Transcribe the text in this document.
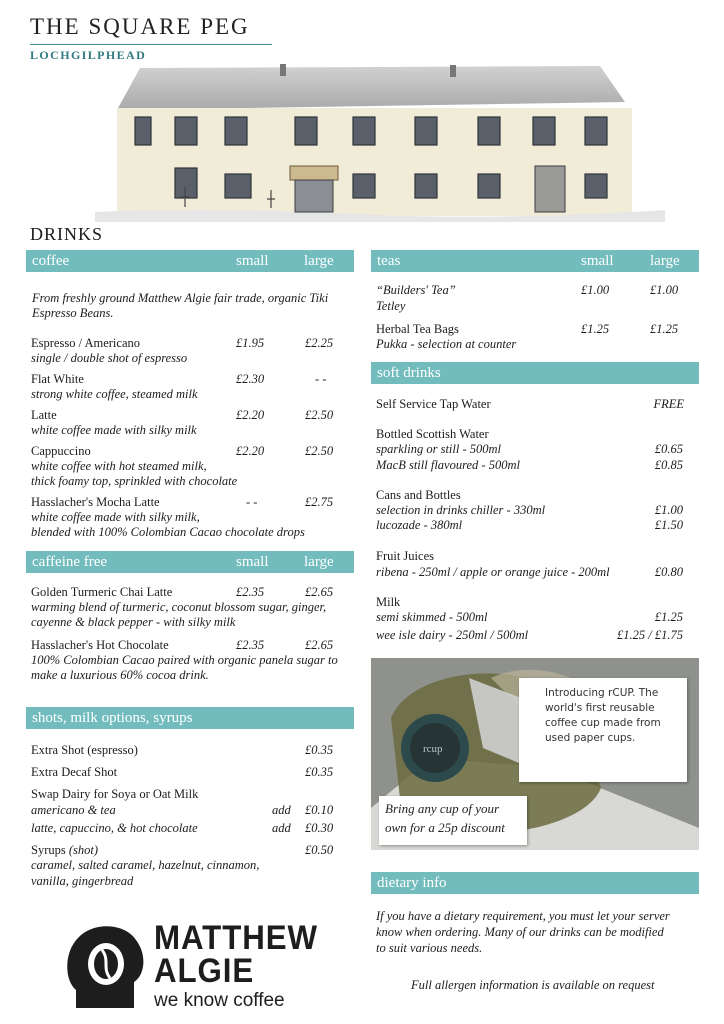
THE SQUARE PEG
LOCHGILPHEAD
DRINKS
coffee	small large
From freshly ground Matthew Algie fair trade, organic Tiki
Espresso Beans.
Espresso / Americano
single / double shot of espresso
£1.95	£2.25
Flat White
strong white coffee, steamed milk
£2.30	- -
Latte
white coffee made with silky milk
£2.20	£2.50
Cappuccino
white coffee with hot steamed milk,
thick foamy top, sprinkled with chocolate
£2.20	£2.50
Hasslacher's Mocha Latte
white coffee made with silky milk,
blended with 100% Colombian Cacao chocolate drops
- -	£2.75
caffeine free	small large
Golden Turmeric Chai Latte
warming blend of turmeric, coconut blossom sugar, ginger,
cayenne & black pepper - with silky milk
£2.35	£2.65
Hasslacher's Hot Chocolate
100% Colombian Cacao paired with organic panela sugar to
make a luxurious 60% cocoa drink.
£2.35	£2.65
shots, milk options, syrups
Extra Shot (espresso)	£0.35
Extra Decaf Shot	£0.35
Swap Dairy for Soya or Oat Milk
americano & tea	add £0.10
latte, capuccino, & hot chocolate	add £0.30
Syrups (shot)	£0.50
caramel, salted caramel, hazelnut, cinnamon,
vanilla, gingerbread
MATTHEW
ALGIE
we know coffee
teas	small large
“Builders' Tea”
Tetley
£1.00	£1.00
Herbal Tea Bags
Pukka - selection at counter
£1.25	£1.25
soft drinks
Self Service Tap Water	FREE
Bottled Scottish Water
sparkling or still - 500ml	£0.65
MacB still flavoured - 500ml	£0.85
Cans and Bottles
selection in drinks chiller - 330ml	£1.00
lucozade - 380ml	£1.50
Fruit Juices
ribena - 250ml / apple or orange juice - 200ml	£0.80
Milk
semi skimmed - 500ml	£1.25
wee isle dairy - 250ml / 500ml	£1.25 / £1.75
rcup
Introducing rCUP. The
world's first reusable
coffee cup made from
used paper cups.
Bring any cup of your
own for a 25p discount
dietary info
If you have a dietary requirement, you must let your server
know when ordering. Many of our drinks can be modified
to suit various needs.
Full allergen information is available on request
